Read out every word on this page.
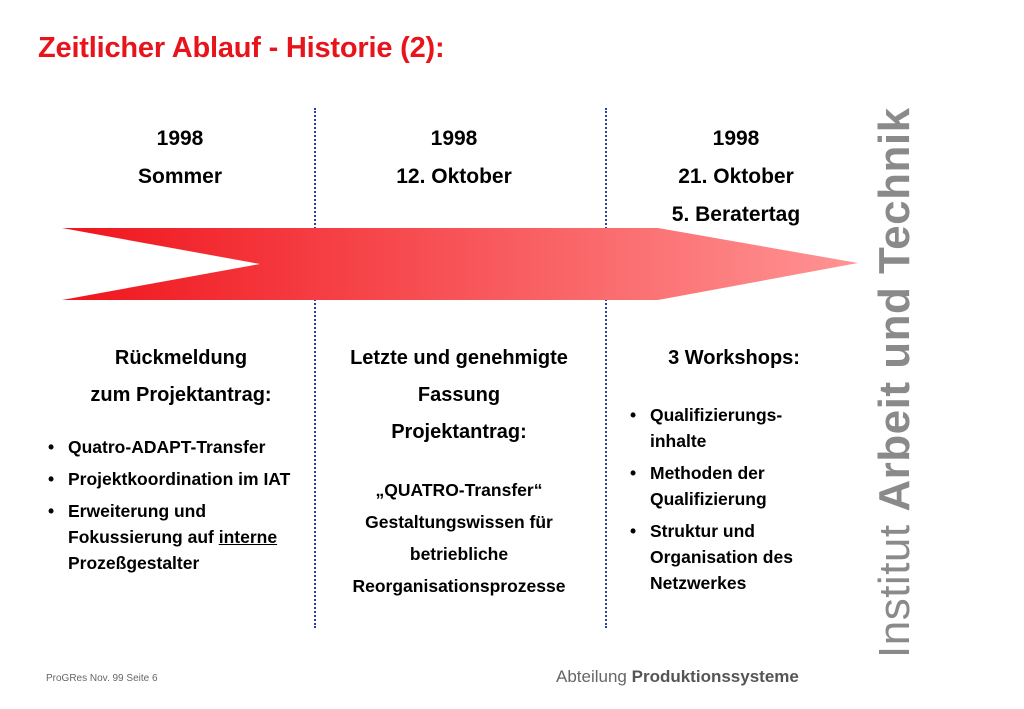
Zeitlicher Ablauf - Historie (2):
1998
Sommer
1998
12. Oktober
1998
21. Oktober
5. Beratertag
Rückmeldung
zum Projektantrag:
• Quatro-ADAPT-Transfer
• Projektkoordination im IAT
• Erweiterung und Fokussierung auf interne Prozeßgestalter
Letzte und genehmigte
Fassung
Projektantrag:
„QUATRO-Transfer“
Gestaltungswissen für
betriebliche
Reorganisationsprozesse
3 Workshops:
• Qualifizierungs-inhalte
• Methoden der Qualifizierung
• Struktur und Organisation des Netzwerkes	Institut Arbeit und Technik
ProGRes Nov. 99 Seite 6	Abteilung Produktionssysteme
